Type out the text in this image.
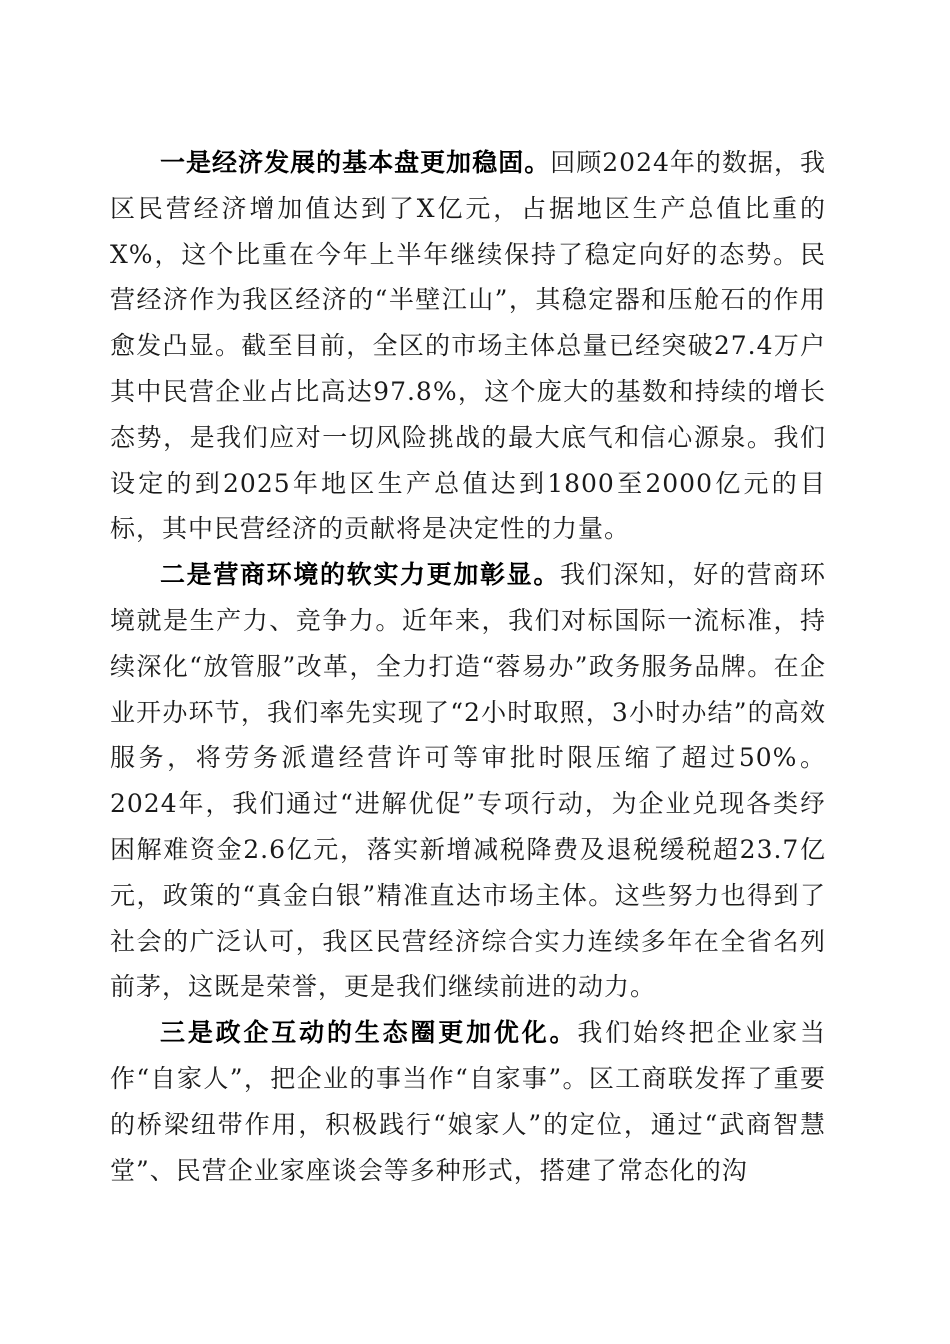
一是经济发展的基本盘更加稳固。回顾2024年的数据，我区民营经济增加值达到了X亿元，占据地区生产总值比重的X%，这个比重在今年上半年继续保持了稳定向好的态势。民营经济作为我区经济的“半壁江山”，其稳定器和压舱石的作用愈发凸显。截至目前，全区的市场主体总量已经突破27.4万户其中民营企业占比高达97.8%，这个庞大的基数和持续的增长态势，是我们应对一切风险挑战的最大底气和信心源泉。我们设定的到2025年地区生产总值达到1800至2000亿元的目标，其中民营经济的贡献将是决定性的力量。

二是营商环境的软实力更加彰显。我们深知，好的营商环境就是生产力、竞争力。近年来，我们对标国际一流标准，持续深化“放管服”改革，全力打造“蓉易办”政务服务品牌。在企业开办环节，我们率先实现了“2小时取照，3小时办结”的高效服务，将劳务派遣经营许可等审批时限压缩了超过50%。2024年，我们通过“进解优促”专项行动，为企业兑现各类纾困解难资金2.6亿元，落实新增减税降费及退税缓税超23.7亿元，政策的“真金白银”精准直达市场主体。这些努力也得到了社会的广泛认可，我区民营经济综合实力连续多年在全省名列前茅，这既是荣誉，更是我们继续前进的动力。

三是政企互动的生态圈更加优化。我们始终把企业家当作“自家人”，把企业的事当作“自家事”。区工商联发挥了重要的桥梁纽带作用，积极践行“娘家人”的定位，通过“武商智慧堂”、民营企业家座谈会等多种形式，搭建了常态化的沟
